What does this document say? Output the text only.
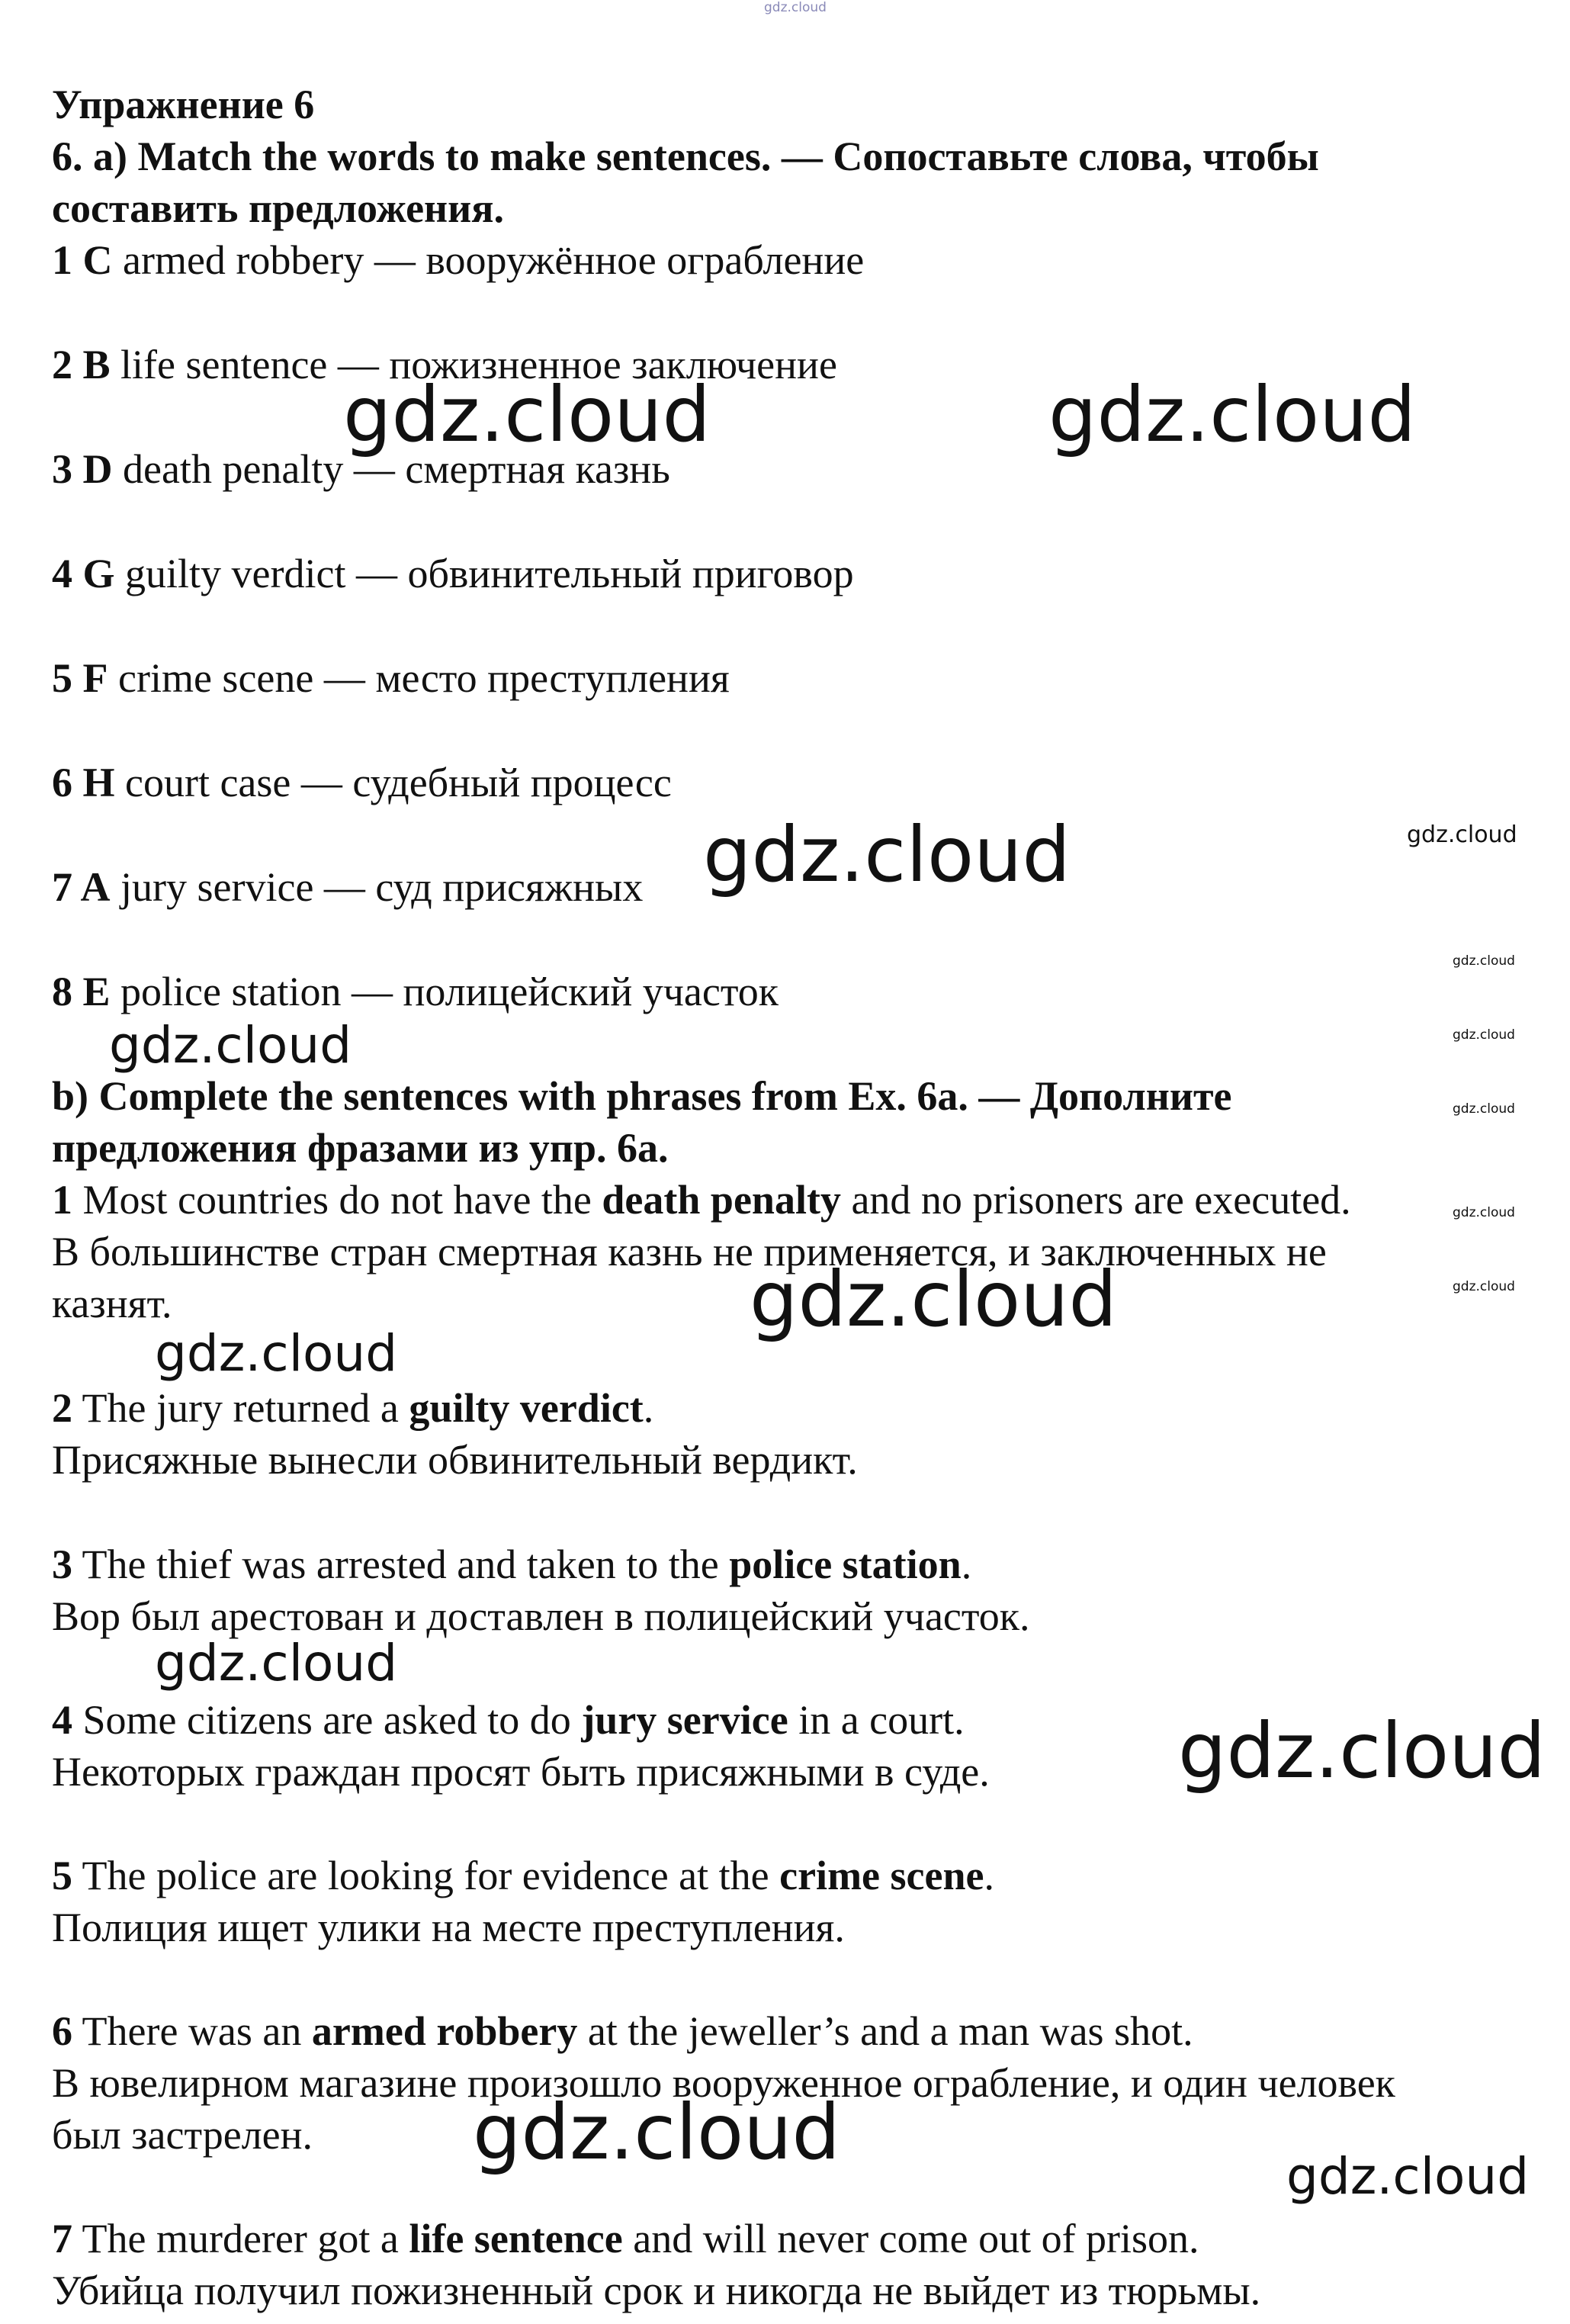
gdz.cloud
Упражнение 6
6. a) Match the words to make sentences. — Сопоставьте слова, чтобы
составить предложения.
1 C armed robbery — вооружённое ограбление
2 B life sentence — пожизненное заключение
3 D death penalty — смертная казнь
4 G guilty verdict — обвинительный приговор
5 F crime scene — место преступления
6 H court case — судебный процесс
7 A jury service — суд присяжных
8 E police station — полицейский участок
b) Complete the sentences with phrases from Ex. 6a. — Дополните
предложения фразами из упр. 6а.
1 Most countries do not have the death penalty and no prisoners are executed.
В большинстве стран смертная казнь не применяется, и заключенных не
казнят.
2 The jury returned a guilty verdict.
Присяжные вынесли обвинительный вердикт.
3 The thief was arrested and taken to the police station.
Вор был арестован и доставлен в полицейский участок.
4 Some citizens are asked to do jury service in a court.
Некоторых граждан просят быть присяжными в суде.
5 The police are looking for evidence at the crime scene.
Полиция ищет улики на месте преступления.
6 There was an armed robbery at the jeweller’s and a man was shot.
В ювелирном магазине произошло вооруженное ограбление, и один человек
был застрелен.
7 The murderer got a life sentence and will never come out of prison.
Убийца получил пожизненный срок и никогда не выйдет из тюрьмы.
gdz.cloud	gdz.cloud
gdz.cloud
gdz.cloud
gdz.cloud
gdz.cloud
gdz.cloud
gdz.cloud
gdz.cloud
gdz.cloud
gdz.cloud
gdz.cloud
gdz.cloud
gdz.cloud
gdz.cloud
gdz.cloud
